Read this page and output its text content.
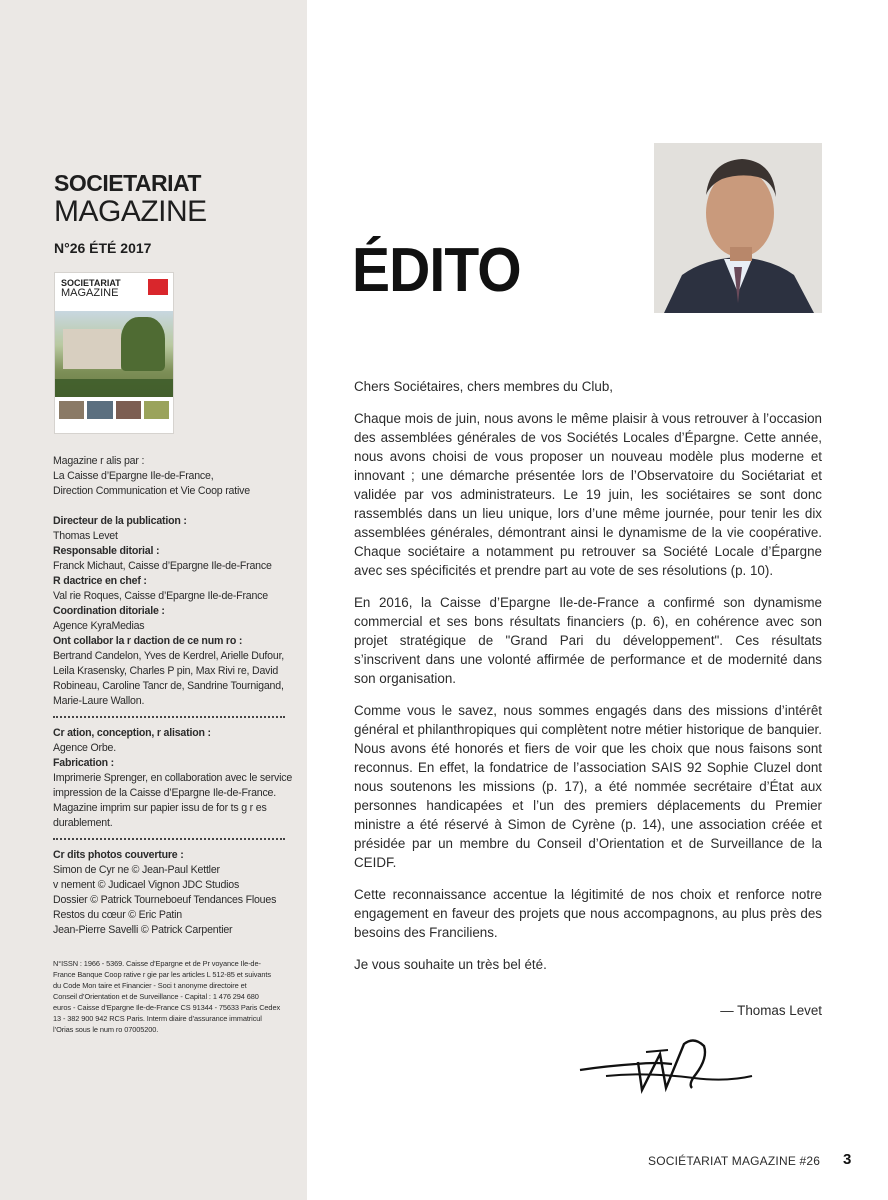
SOCIETARIAT
MAGAZINE
N°26 ÉTÉ 2017
SOCIETARIAT
MAGAZINE

Magazine r alis par :

La Caisse d’Epargne Ile-de-France,

Direction Communication et Vie Coop rative

Directeur de la publication :

Thomas Levet

Responsable ditorial :

Franck Michaut, Caisse d’Epargne Ile-de-France

R dactrice en chef :

Val rie Roques, Caisse d’Epargne Ile-de-France

Coordination ditoriale :

Agence KyraMedias

Ont collabor la r daction de ce num ro :

Bertrand Candelon, Yves de Kerdrel, Arielle Dufour,

Leila Krasensky, Charles P pin, Max Rivi re, David

Robineau, Caroline Tancr de, Sandrine Tournigand,

Marie-Laure Wallon.

Cr ation, conception, r alisation :

Agence Orbe.

Fabrication :

Imprimerie Sprenger, en collaboration avec le service

impression de la Caisse d’Epargne Ile-de-France.

Magazine imprim sur papier issu de for ts g r es

durablement.

Cr dits photos couverture :

Simon de Cyr ne © Jean-Paul Kettler

v nement © Judicael Vignon JDC Studios

Dossier © Patrick Tourneboeuf Tendances Floues

Restos du cœur © Eric Patin

Jean-Pierre Savelli © Patrick Carpentier

N°ISSN : 1966 - 5369. Caisse d’Epargne et de Pr voyance Ile-de-
France Banque Coop rative r gie par les articles L 512-85 et suivants
du Code Mon taire et Financier - Soci t anonyme directoire et
Conseil d’Orientation et de Surveillance - Capital : 1 476 294 680
euros - Caisse d’Epargne Ile-de-France CS 91344 - 75633 Paris Cedex
13 - 382 900 942 RCS Paris. Interm diaire d’assurance immatricul
l’Orias sous le num ro 07005200.
ÉDITO

Chers Sociétaires, chers membres du Club,

Chaque mois de juin, nous avons le même plaisir à vous retrouver à l’occasion des assemblées générales de vos Sociétés Locales d’Épargne. Cette année, nous avons choisi de vous proposer un nouveau modèle plus moderne et innovant ; une démarche présentée lors de l’Observatoire du Sociétariat et validée par vos administrateurs. Le 19 juin, les sociétaires se sont donc rassemblés dans un lieu unique, lors d’une même journée, pour tenir les dix assemblées générales, démontrant ainsi le dynamisme de la vie coopérative. Chaque sociétaire a notamment pu retrouver sa Société Locale d’Épargne avec ses spécificités et prendre part au vote de ses résolutions (p. 10).

En 2016, la Caisse d’Epargne Ile-de-France a confirmé son dynamisme commercial et ses bons résultats financiers (p. 6), en cohérence avec son projet stratégique de "Grand Pari du développement". Ces résultats s’inscrivent dans une volonté affirmée de performance et de modernité dans son organisation.

Comme vous le savez, nous sommes engagés dans des missions d’intérêt général et philanthropiques qui complètent notre métier historique de banquier. Nous avons été honorés et fiers de voir que les choix que nous faisons sont reconnus. En effet, la fondatrice de l’association SAIS 92 Sophie Cluzel dont nous soutenons les missions (p. 17), a été nommée secrétaire d’État aux personnes handicapées et l’un des premiers déplacements du Premier ministre a été réservé à Simon de Cyrène (p. 14), une association créée et présidée par un membre du Conseil d’Orientation et de Surveillance de la CEIDF.

Cette reconnaissance accentue la légitimité de nos choix et renforce notre engagement en faveur des projets que nous accompagnons, au plus près des besoins des Franciliens.

Je vous souhaite un très bel été.

— Thomas Levet
SOCIÉTARIAT MAGAZINE #26 3
